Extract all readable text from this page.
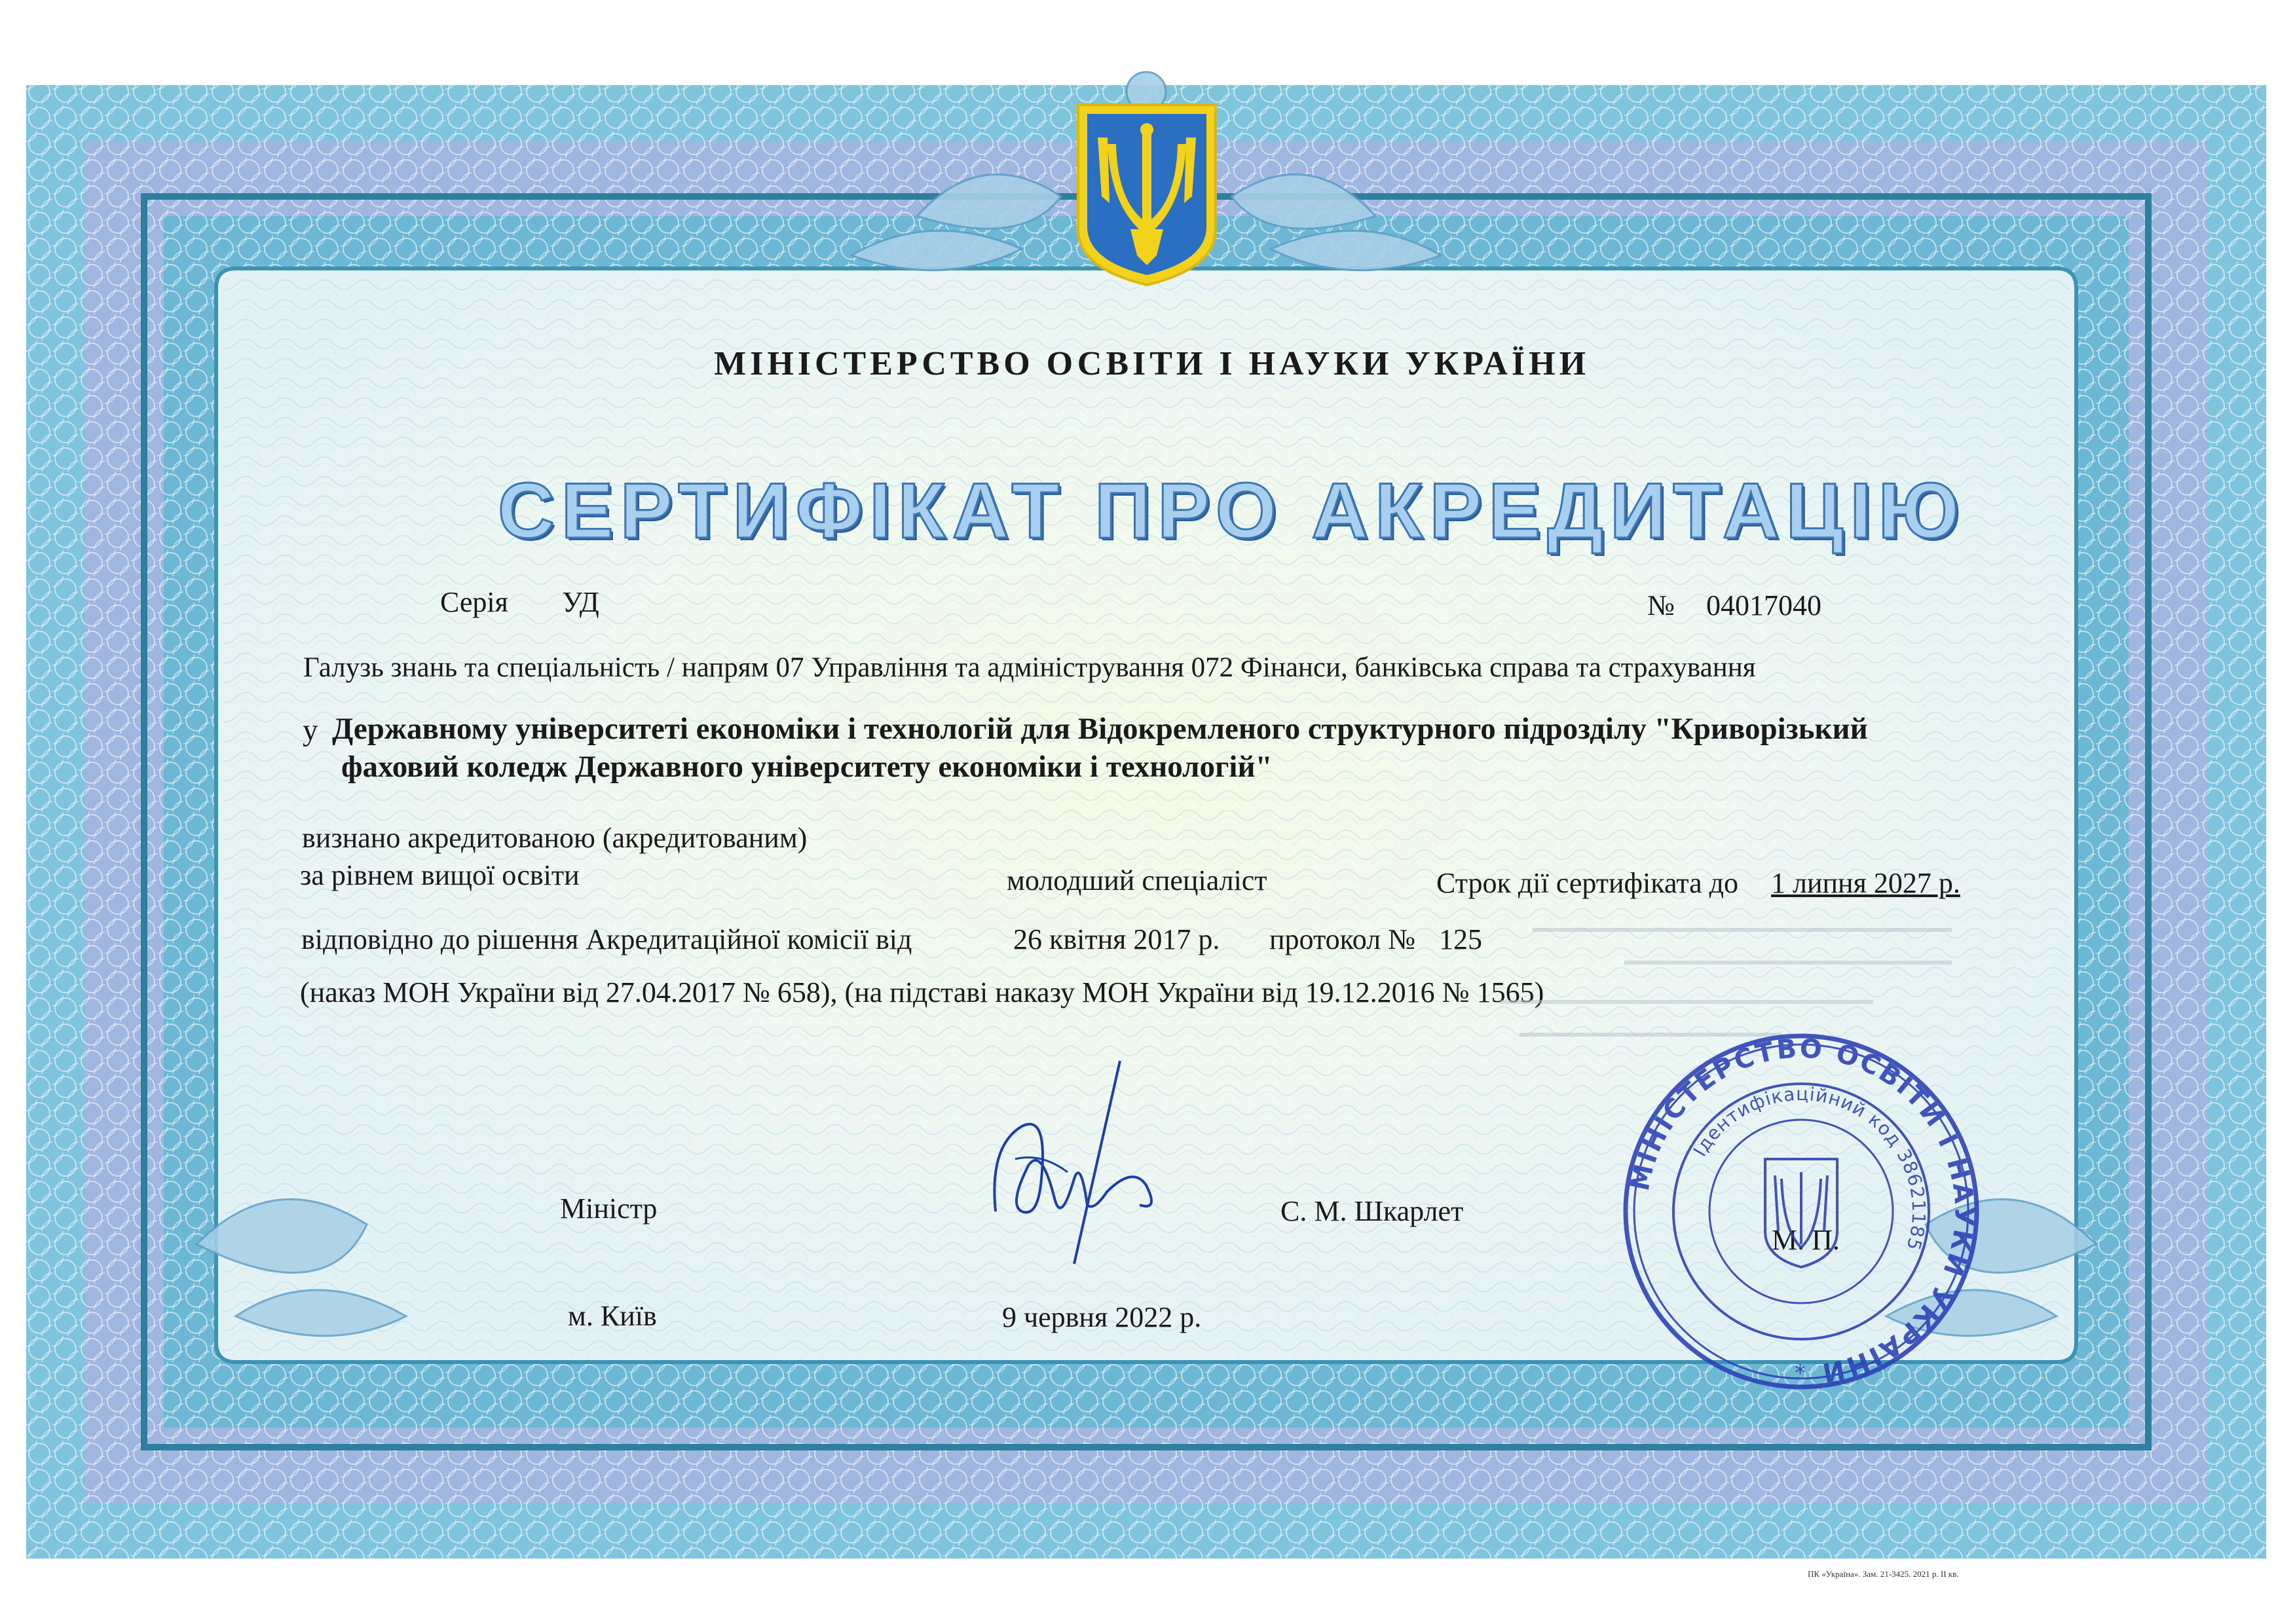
МІНІСТЕРСТВО ОСВІТИ І НАУКИ УКРАЇНИ
СЕРТИФІКАТ ПРО АКРЕДИТАЦІЮ
Серія УД	№ 04017040
Галузь знань та спеціальність / напрям 07 Управління та адміністрування 072 Фінанси, банківська справа та страхування
у Державному університеті економіки і технологій для Відокремленого структурного підрозділу "Криворізький
фаховий коледж Державного університету економіки і технологій"
визнано акредитованою (акредитованим)
за рівнем вищої освіти	молодший спеціаліст	Строк дії сертифіката до 1 липня 2027 р.
відповідно до рішення Акредитаційної комісії від	26 квітня 2017 р. протокол № 125
(наказ МОН України від 27.04.2017 № 658), (на підставі наказу МОН України від 19.12.2016 № 1565)
Міністр	С. М. Шкарлет
М. П.
м. Київ	9 червня 2022 р.
МІНІСТЕРСТВО ОСВІТИ І НАУКИ УКРАЇНИ
Ідентифікаційний код 38621185
*
ПК «Україна». Зам. 21-3425. 2021 р. II кв.
